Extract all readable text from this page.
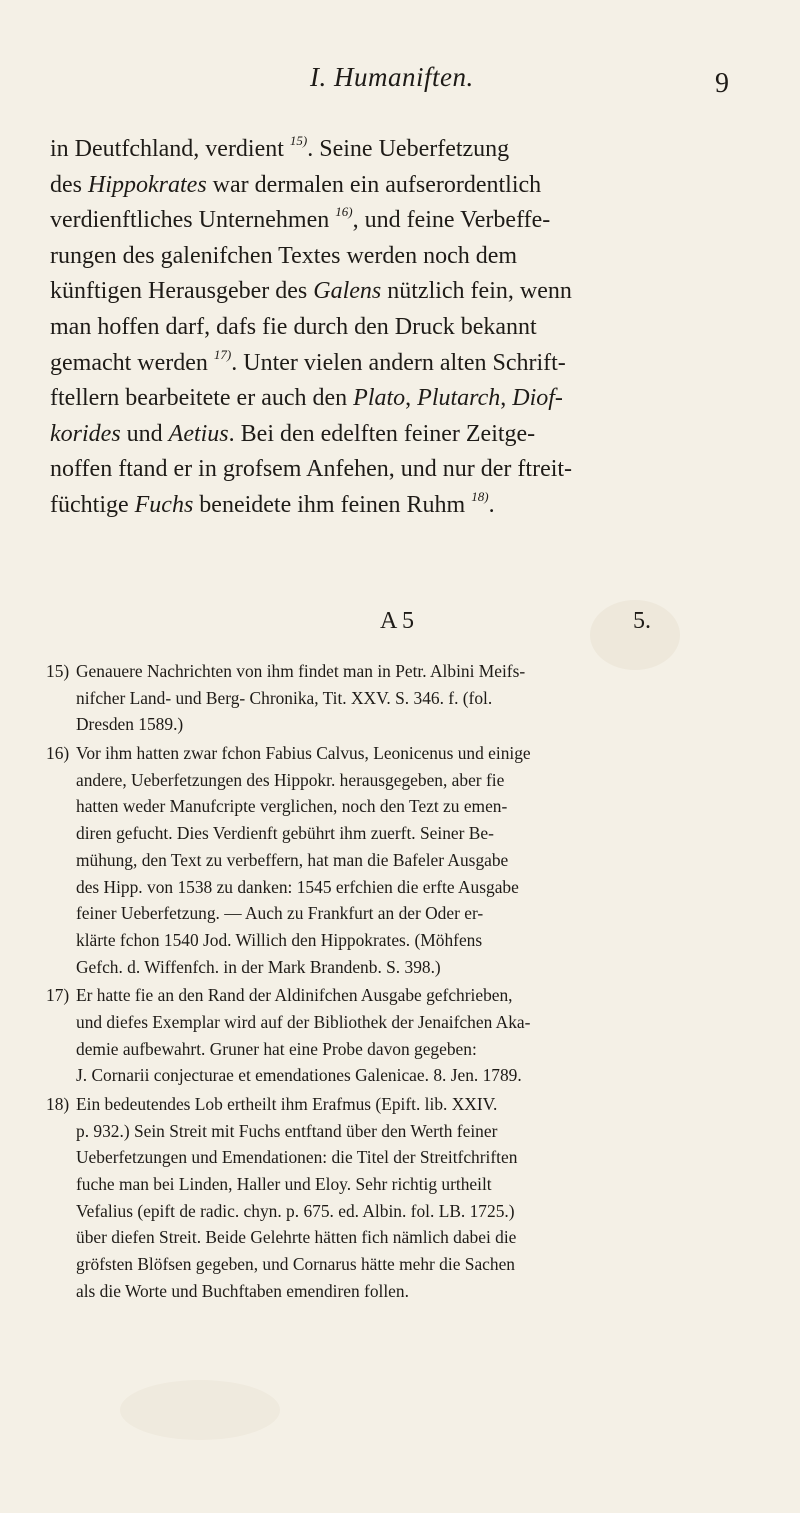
I. Humaniften.	9
in Deutfchland, verdient $^{15)}$. Seine Ueberfetzung
des Hippokrates war dermalen ein aufserordentlich
verdienftliches Unternehmen $^{16)}$, und feine Verbeffe-
rungen des galenifchen Textes werden noch dem
künftigen Herausgeber des Galens nützlich fein, wenn
man hoffen darf, dafs fie durch den Druck bekannt
gemacht werden $^{17)}$. Unter vielen andern alten Schrift-
ftellern bearbeitete er auch den Plato, Plutarch, Diof-
korides und Aetius. Bei den edelften feiner Zeitge-
noffen ftand er in grofsem Anfehen, und nur der ftreit-
füchtige Fuchs beneidete ihm feinen Ruhm $^{18)}$.
A 5	5.
15) Genauere Nachrichten von ihm findet man in Petr. Albini Meifs-
nifcher Land- und Berg- Chronika, Tit. XXV. S. 346. f. (fol.
Dresden 1589.)
16) Vor ihm hatten zwar fchon Fabius Calvus, Leonicenus und einige
andere, Ueberfetzungen des Hippokr. herausgegeben, aber fie
hatten weder Manufcripte verglichen, noch den Tezt zu emen-
diren gefucht. Dies Verdienft gebührt ihm zuerft. Seiner Be-
mühung, den Text zu verbeffern, hat man die Bafeler Ausgabe
des Hipp. von 1538 zu danken: 1545 erfchien die erfte Ausgabe
feiner Ueberfetzung. — Auch zu Frankfurt an der Oder er-
klärte fchon 1540 Jod. Willich den Hippokrates. (Möhfens
Gefch. d. Wiffenfch. in der Mark Brandenb. S. 398.)
17) Er hatte fie an den Rand der Aldinifchen Ausgabe gefchrieben,
und diefes Exemplar wird auf der Bibliothek der Jenaifchen Aka-
demie aufbewahrt. Gruner hat eine Probe davon gegeben:
J. Cornarii conjecturae et emendationes Galenicae. 8. Jen. 1789.
18) Ein bedeutendes Lob ertheilt ihm Erafmus (Epift. lib. XXIV.
p. 932.) Sein Streit mit Fuchs entftand über den Werth feiner
Ueberfetzungen und Emendationen: die Titel der Streitfchriften
fuche man bei Linden, Haller und Eloy. Sehr richtig urtheilt
Vefalius (epift de radic. chyn. p. 675. ed. Albin. fol. LB. 1725.)
über diefen Streit. Beide Gelehrte hätten fich nämlich dabei die
gröfsten Blöfsen gegeben, und Cornarus hätte mehr die Sachen
als die Worte und Buchftaben emendiren follen.
